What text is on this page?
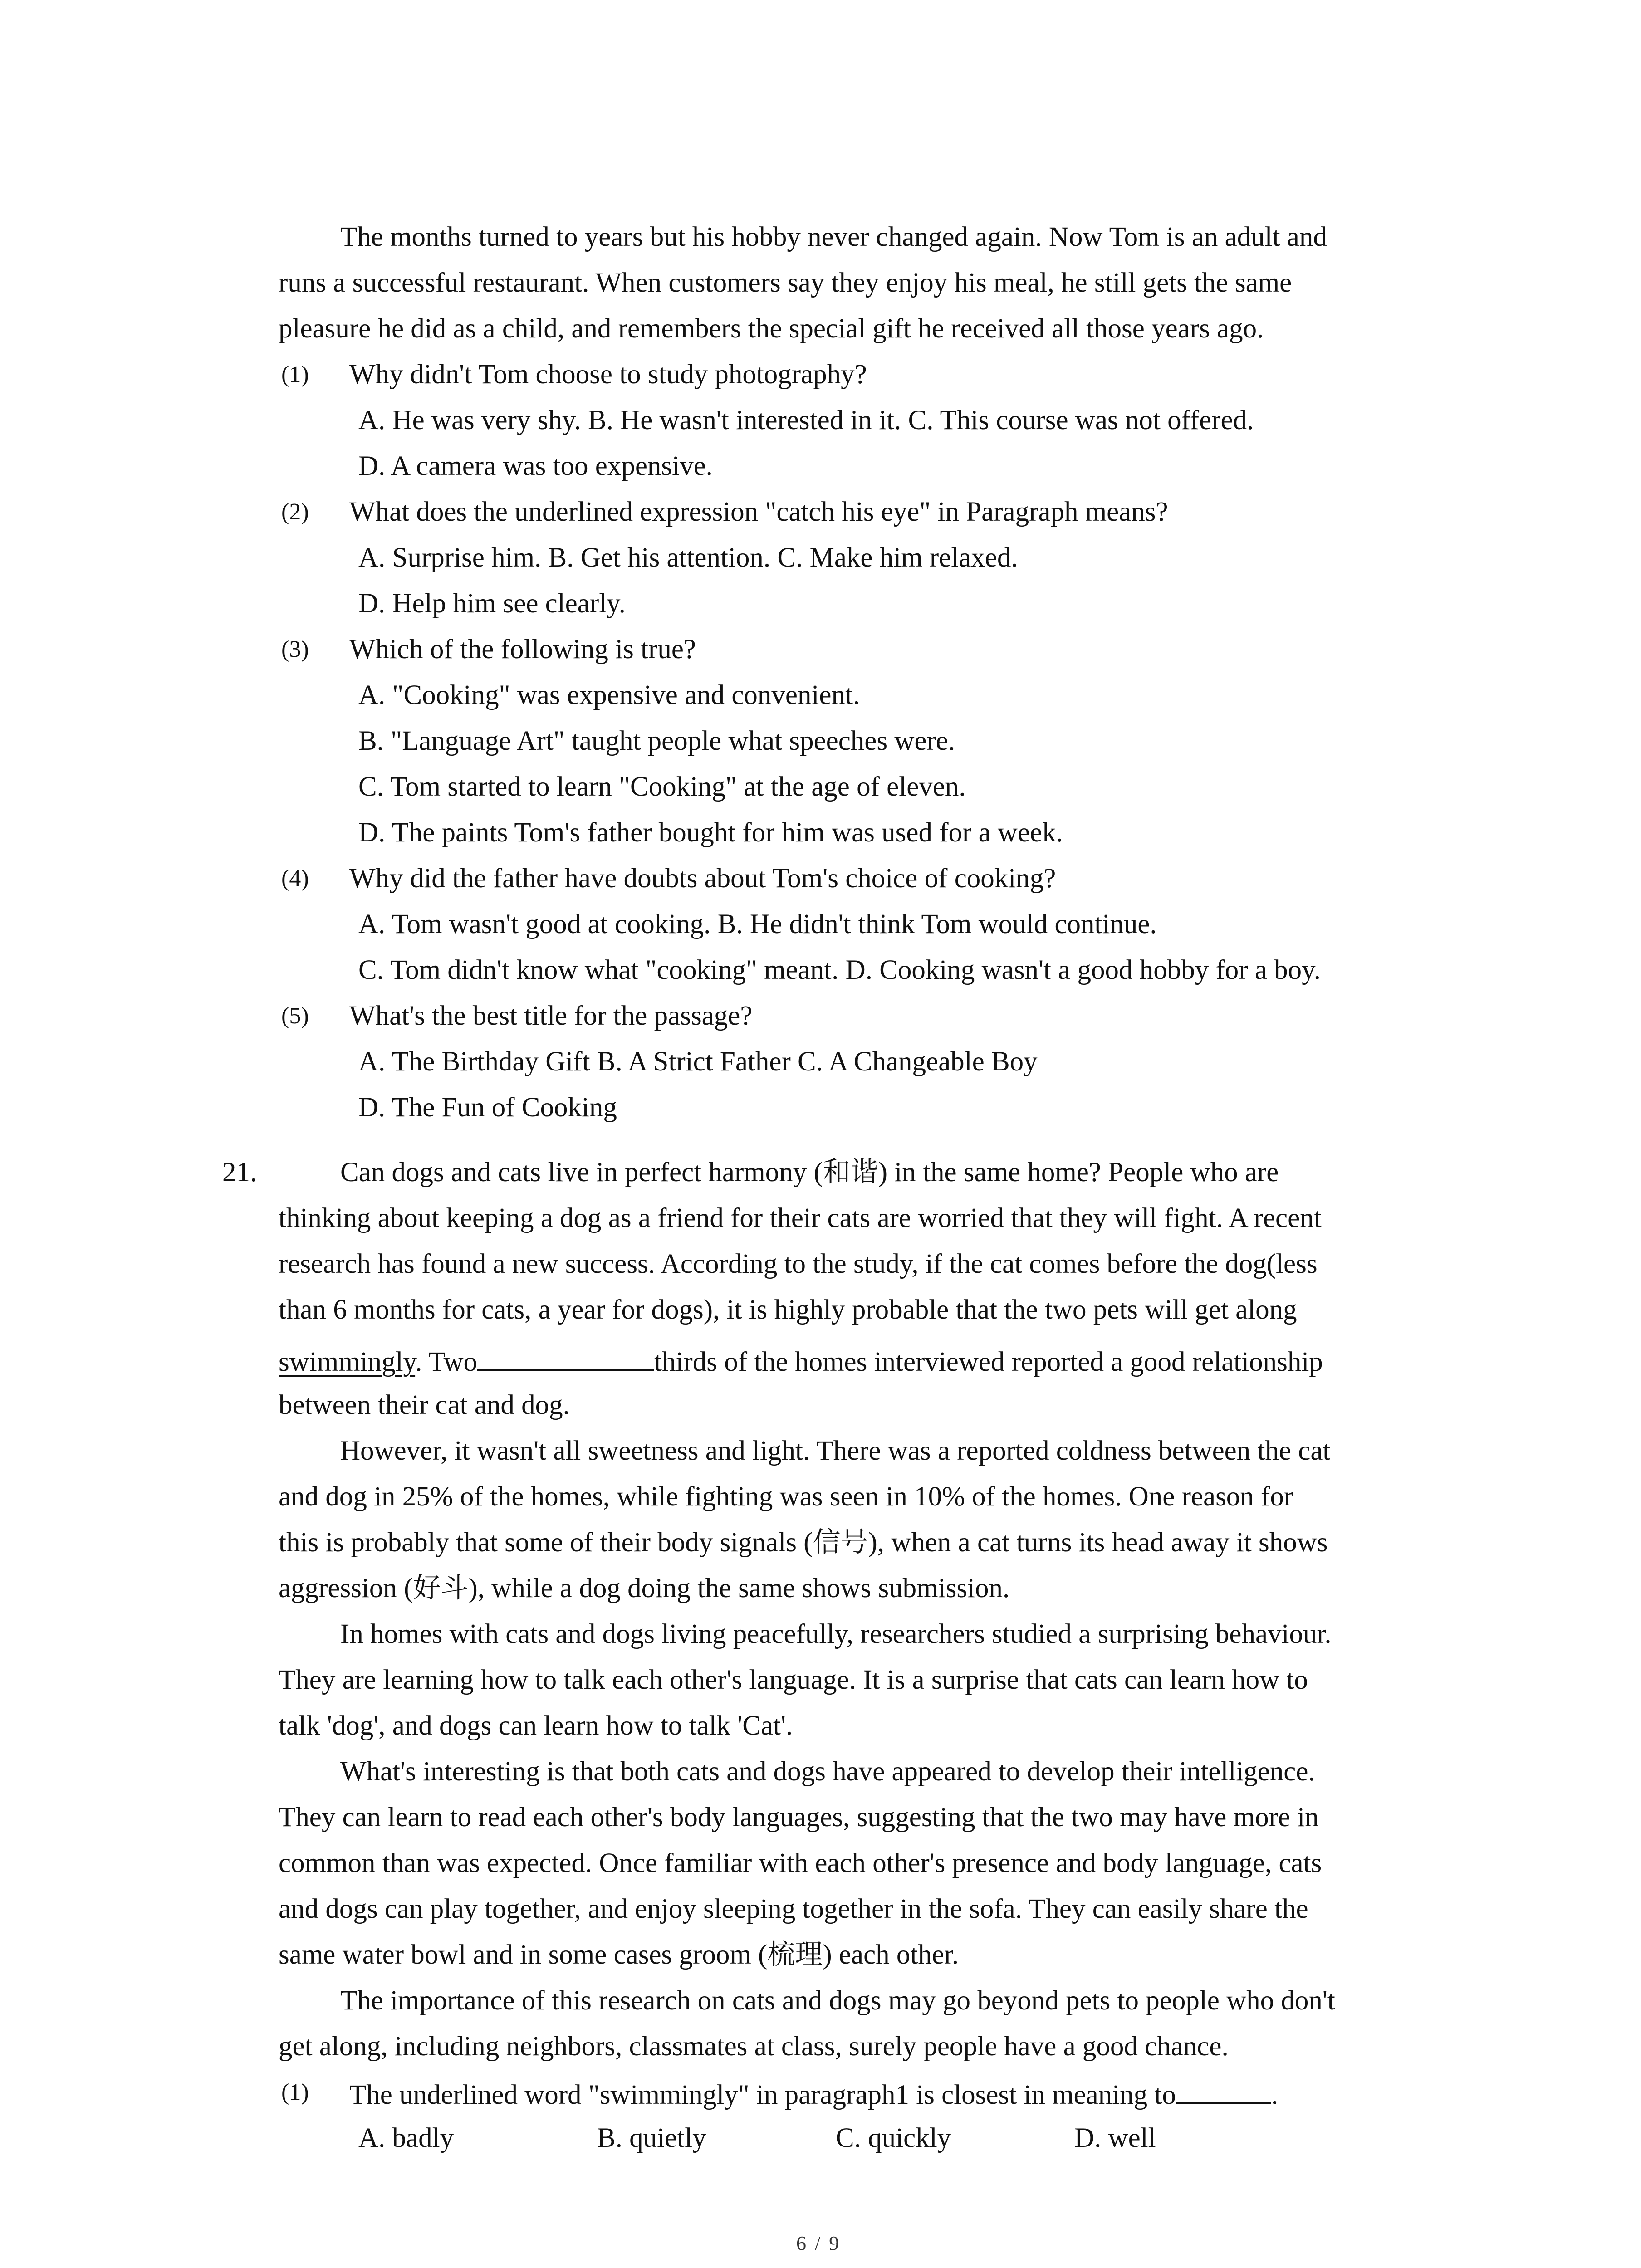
The months turned to years but his hobby never changed again. Now Tom is an adult and
runs a successful restaurant. When customers say they enjoy his meal, he still gets the same
pleasure he did as a child, and remembers the special gift he received all those years ago.
(1) Why didn't Tom choose to study photography?
A. He was very shy. B. He wasn't interested in it. C. This course was not offered.
D. A camera was too expensive.
(2) What does the underlined expression "catch his eye" in Paragraph means?
A. Surprise him. B. Get his attention. C. Make him relaxed.
D. Help him see clearly.
(3) Which of the following is true?
A. "Cooking" was expensive and convenient.
B. "Language Art" taught people what speeches were.
C. Tom started to learn "Cooking" at the age of eleven.
D. The paints Tom's father bought for him was used for a week.
(4) Why did the father have doubts about Tom's choice of cooking?
A. Tom wasn't good at cooking. B. He didn't think Tom would continue.
C. Tom didn't know what "cooking" meant. D. Cooking wasn't a good hobby for a boy.
(5) What's the best title for the passage?
A. The Birthday Gift B. A Strict Father C. A Changeable Boy
D. The Fun of Cooking
21.	Can dogs and cats live in perfect harmony (和谐) in the same home? People who are
thinking about keeping a dog as a friend for their cats are worried that they will fight. A recent
research has found a new success. According to the study, if the cat comes before the dog(less
than 6 months for cats, a year for dogs), it is highly probable that the two pets will get along
swimmingly. Two	thirds of the homes interviewed reported a good relationship
between their cat and dog.
However, it wasn't all sweetness and light. There was a reported coldness between the cat
and dog in 25% of the homes, while fighting was seen in 10% of the homes. One reason for
this is probably that some of their body signals (信号), when a cat turns its head away it shows
aggression (好斗), while a dog doing the same shows submission.
In homes with cats and dogs living peacefully, researchers studied a surprising behaviour.
They are learning how to talk each other's language. It is a surprise that cats can learn how to
talk 'dog', and dogs can learn how to talk 'Cat'.
What's interesting is that both cats and dogs have appeared to develop their intelligence.
They can learn to read each other's body languages, suggesting that the two may have more in
common than was expected. Once familiar with each other's presence and body language, cats
and dogs can play together, and enjoy sleeping together in the sofa. They can easily share the
same water bowl and in some cases groom (梳理) each other.
The importance of this research on cats and dogs may go beyond pets to people who don't
get along, including neighbors, classmates at class, surely people have a good chance.
(1) The underlined word "swimmingly" in paragraph1 is closest in meaning to	.
A. badly	B. quietly	C. quickly	D. well
6 / 9
